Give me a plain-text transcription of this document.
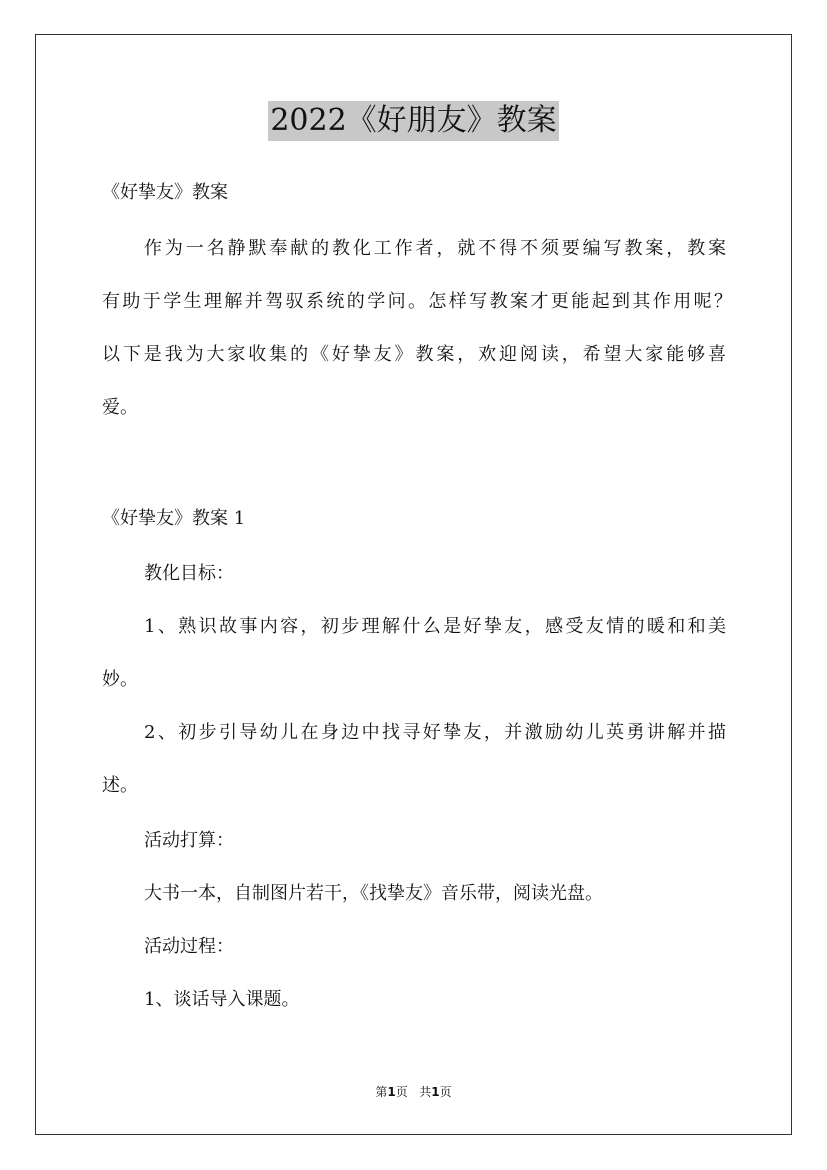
2022《好朋友》教案
《好挚友》教案
作为一名静默奉献的教化工作者，就不得不须要编写教案，教案
有助于学生理解并驾驭系统的学问。怎样写教案才更能起到其作用呢？
以下是我为大家收集的《好挚友》教案，欢迎阅读，希望大家能够喜
爱。
《好挚友》教案 1
教化目标：
1、熟识故事内容，初步理解什么是好挚友，感受友情的暖和和美
妙。
2、初步引导幼儿在身边中找寻好挚友，并激励幼儿英勇讲解并描
述。
活动打算：
大书一本，自制图片若干，《找挚友》音乐带，阅读光盘。
活动过程：
1、谈话导入课题。
第1页 共1页
